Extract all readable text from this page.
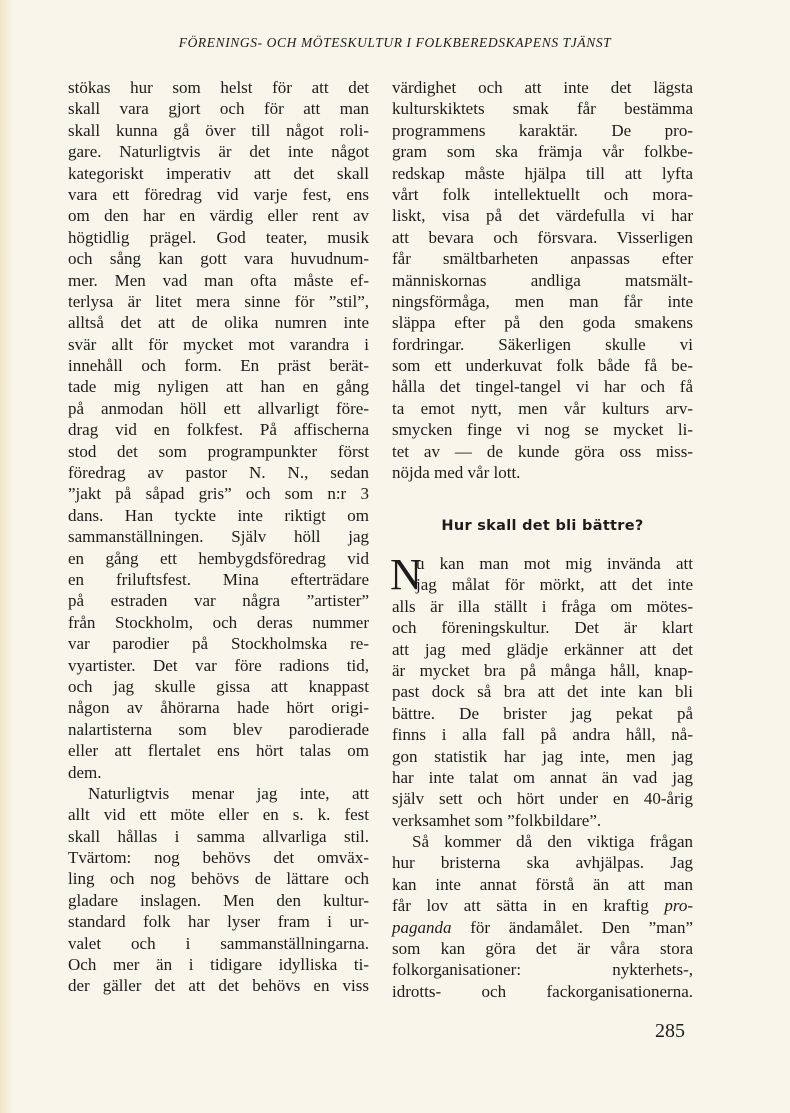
FÖRENINGS- OCH MÖTESKULTUR I FOLKBEREDSKAPENS TJÄNST
stökas hur som helst för att det
skall vara gjort och för att man
skall kunna gå över till något roli-
gare. Naturligtvis är det inte något
kategoriskt imperativ att det skall
vara ett föredrag vid varje fest, ens
om den har en värdig eller rent av
högtidlig prägel. God teater, musik
och sång kan gott vara huvudnum-
mer. Men vad man ofta måste ef-
terlysa är litet mera sinne för ”stil”,
alltså det att de olika numren inte
svär allt för mycket mot varandra i
innehåll och form. En präst berät-
tade mig nyligen att han en gång
på anmodan höll ett allvarligt före-
drag vid en folkfest. På affischerna
stod det som programpunkter först
föredrag av pastor N. N., sedan
”jakt på såpad gris” och som n:r 3
dans. Han tyckte inte riktigt om
sammanställningen. Själv höll jag
en gång ett hembygdsföredrag vid
en friluftsfest. Mina efterträdare
på estraden var några ”artister”
från Stockholm, och deras nummer
var parodier på Stockholmska re-
vyartister. Det var före radions tid,
och jag skulle gissa att knappast
någon av åhörarna hade hört origi-
nalartisterna som blev parodierade
eller att flertalet ens hört talas om
dem.
Naturligtvis menar jag inte, att
allt vid ett möte eller en s. k. fest
skall hållas i samma allvarliga stil.
Tvärtom: nog behövs det omväx-
ling och nog behövs de lättare och
gladare inslagen. Men den kultur-
standard folk har lyser fram i ur-
valet och i sammanställningarna.
Och mer än i tidigare idylliska ti-
der gäller det att det behövs en viss
värdighet och att inte det lägsta
kulturskiktets smak får bestämma
programmens karaktär. De pro-
gram som ska främja vår folkbe-
redskap måste hjälpa till att lyfta
vårt folk intellektuellt och mora-
liskt, visa på det värdefulla vi har
att bevara och försvara. Visserligen
får smältbarheten anpassas efter
människornas andliga matsmält-
ningsförmåga, men man får inte
släppa efter på den goda smakens
fordringar. Säkerligen skulle vi
som ett underkuvat folk både få be-
hålla det tingel-tangel vi har och få
ta emot nytt, men vår kulturs arv-
smycken finge vi nog se mycket li-
tet av — de kunde göra oss miss-
nöjda med vår lott.
Hur skall det bli bättre?
N
u kan man mot mig invända att
jag målat för mörkt, att det inte
alls är illa ställt i fråga om mötes-
och föreningskultur. Det är klart
att jag med glädje erkänner att det
är mycket bra på många håll, knap-
past dock så bra att det inte kan bli
bättre. De brister jag pekat på
finns i alla fall på andra håll, nå-
gon statistik har jag inte, men jag
har inte talat om annat än vad jag
själv sett och hört under en 40-årig
verksamhet som ”folkbildare”.
Så kommer då den viktiga frågan
hur bristerna ska avhjälpas. Jag
kan inte annat förstå än att man
får lov att sätta in en kraftig pro-
paganda för ändamålet. Den ”man”
som kan göra det är våra stora
folkorganisationer: nykterhets-,
idrotts- och fackorganisationerna.
285
